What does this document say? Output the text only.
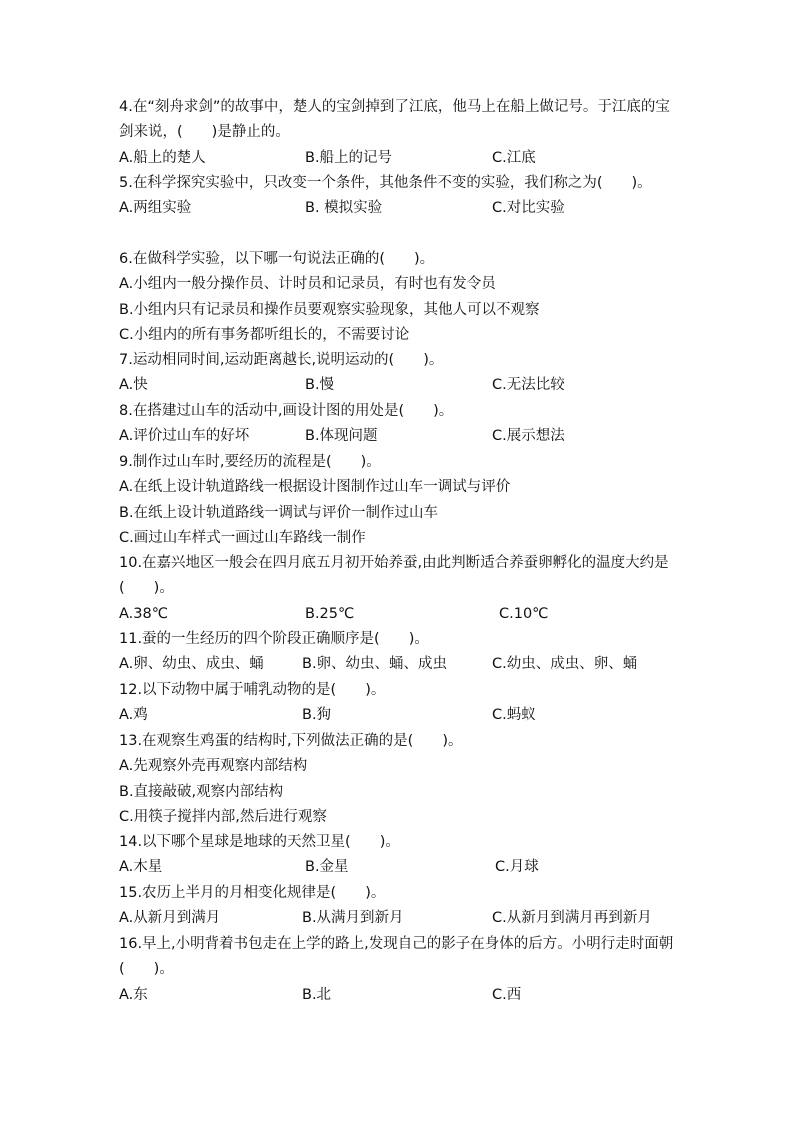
4.在“刻舟求剑”的故事中，楚人的宝剑掉到了江底，他马上在船上做记号。于江底的宝剑来说，(　　)是静止的。
A.船上的楚人	B.船上的记号	C.江底
5.在科学探究实验中，只改变一个条件，其他条件不变的实验，我们称之为(　　)。
A.两组实验	B. 模拟实验	C.对比实验
6.在做科学实验，以下哪一句说法正确的(　　)。
A.小组内一般分操作员、计时员和记录员，有时也有发令员
B.小组内只有记录员和操作员要观察实验现象，其他人可以不观察
C.小组内的所有事务都听组长的，不需要讨论
7.运动相同时间,运动距离越长,说明运动的(　　)。
A.快	B.慢	C.无法比较
8.在搭建过山车的活动中,画设计图的用处是(　　)。
A.评价过山车的好坏	B.体现问题	C.展示想法
9.制作过山车时,要经历的流程是(　　)。
A.在纸上设计轨道路线一根据设计图制作过山车一调试与评价
B.在纸上设计轨道路线一调试与评价一制作过山车
C.画过山车样式一画过山车路线一制作
10.在嘉兴地区一般会在四月底五月初开始养蚕,由此判断适合养蚕卵孵化的温度大约是(　　)。
A.38℃	B.25℃	C.10℃
11.蚕的一生经历的四个阶段正确顺序是(　　)。
A.卵、幼虫、成虫、蛹	B.卵、幼虫、蛹、成虫	C.幼虫、成虫、卵、蛹
12.以下动物中属于哺乳动物的是(　　)。
A.鸡	B.狗	C.蚂蚁
13.在观察生鸡蛋的结构时,下列做法正确的是(　　)。
A.先观察外壳再观察内部结构
B.直接敲破,观察内部结构
C.用筷子搅拌内部,然后进行观察
14.以下哪个星球是地球的天然卫星(　　)。
A.木星	B.金星	C.月球
15.农历上半月的月相变化规律是(　　)。
A.从新月到满月	B.从满月到新月	C.从新月到满月再到新月
16.早上,小明背着书包走在上学的路上,发现自己的影子在身体的后方。小明行走时面朝(　　)。
A.东	B.北	C.西
